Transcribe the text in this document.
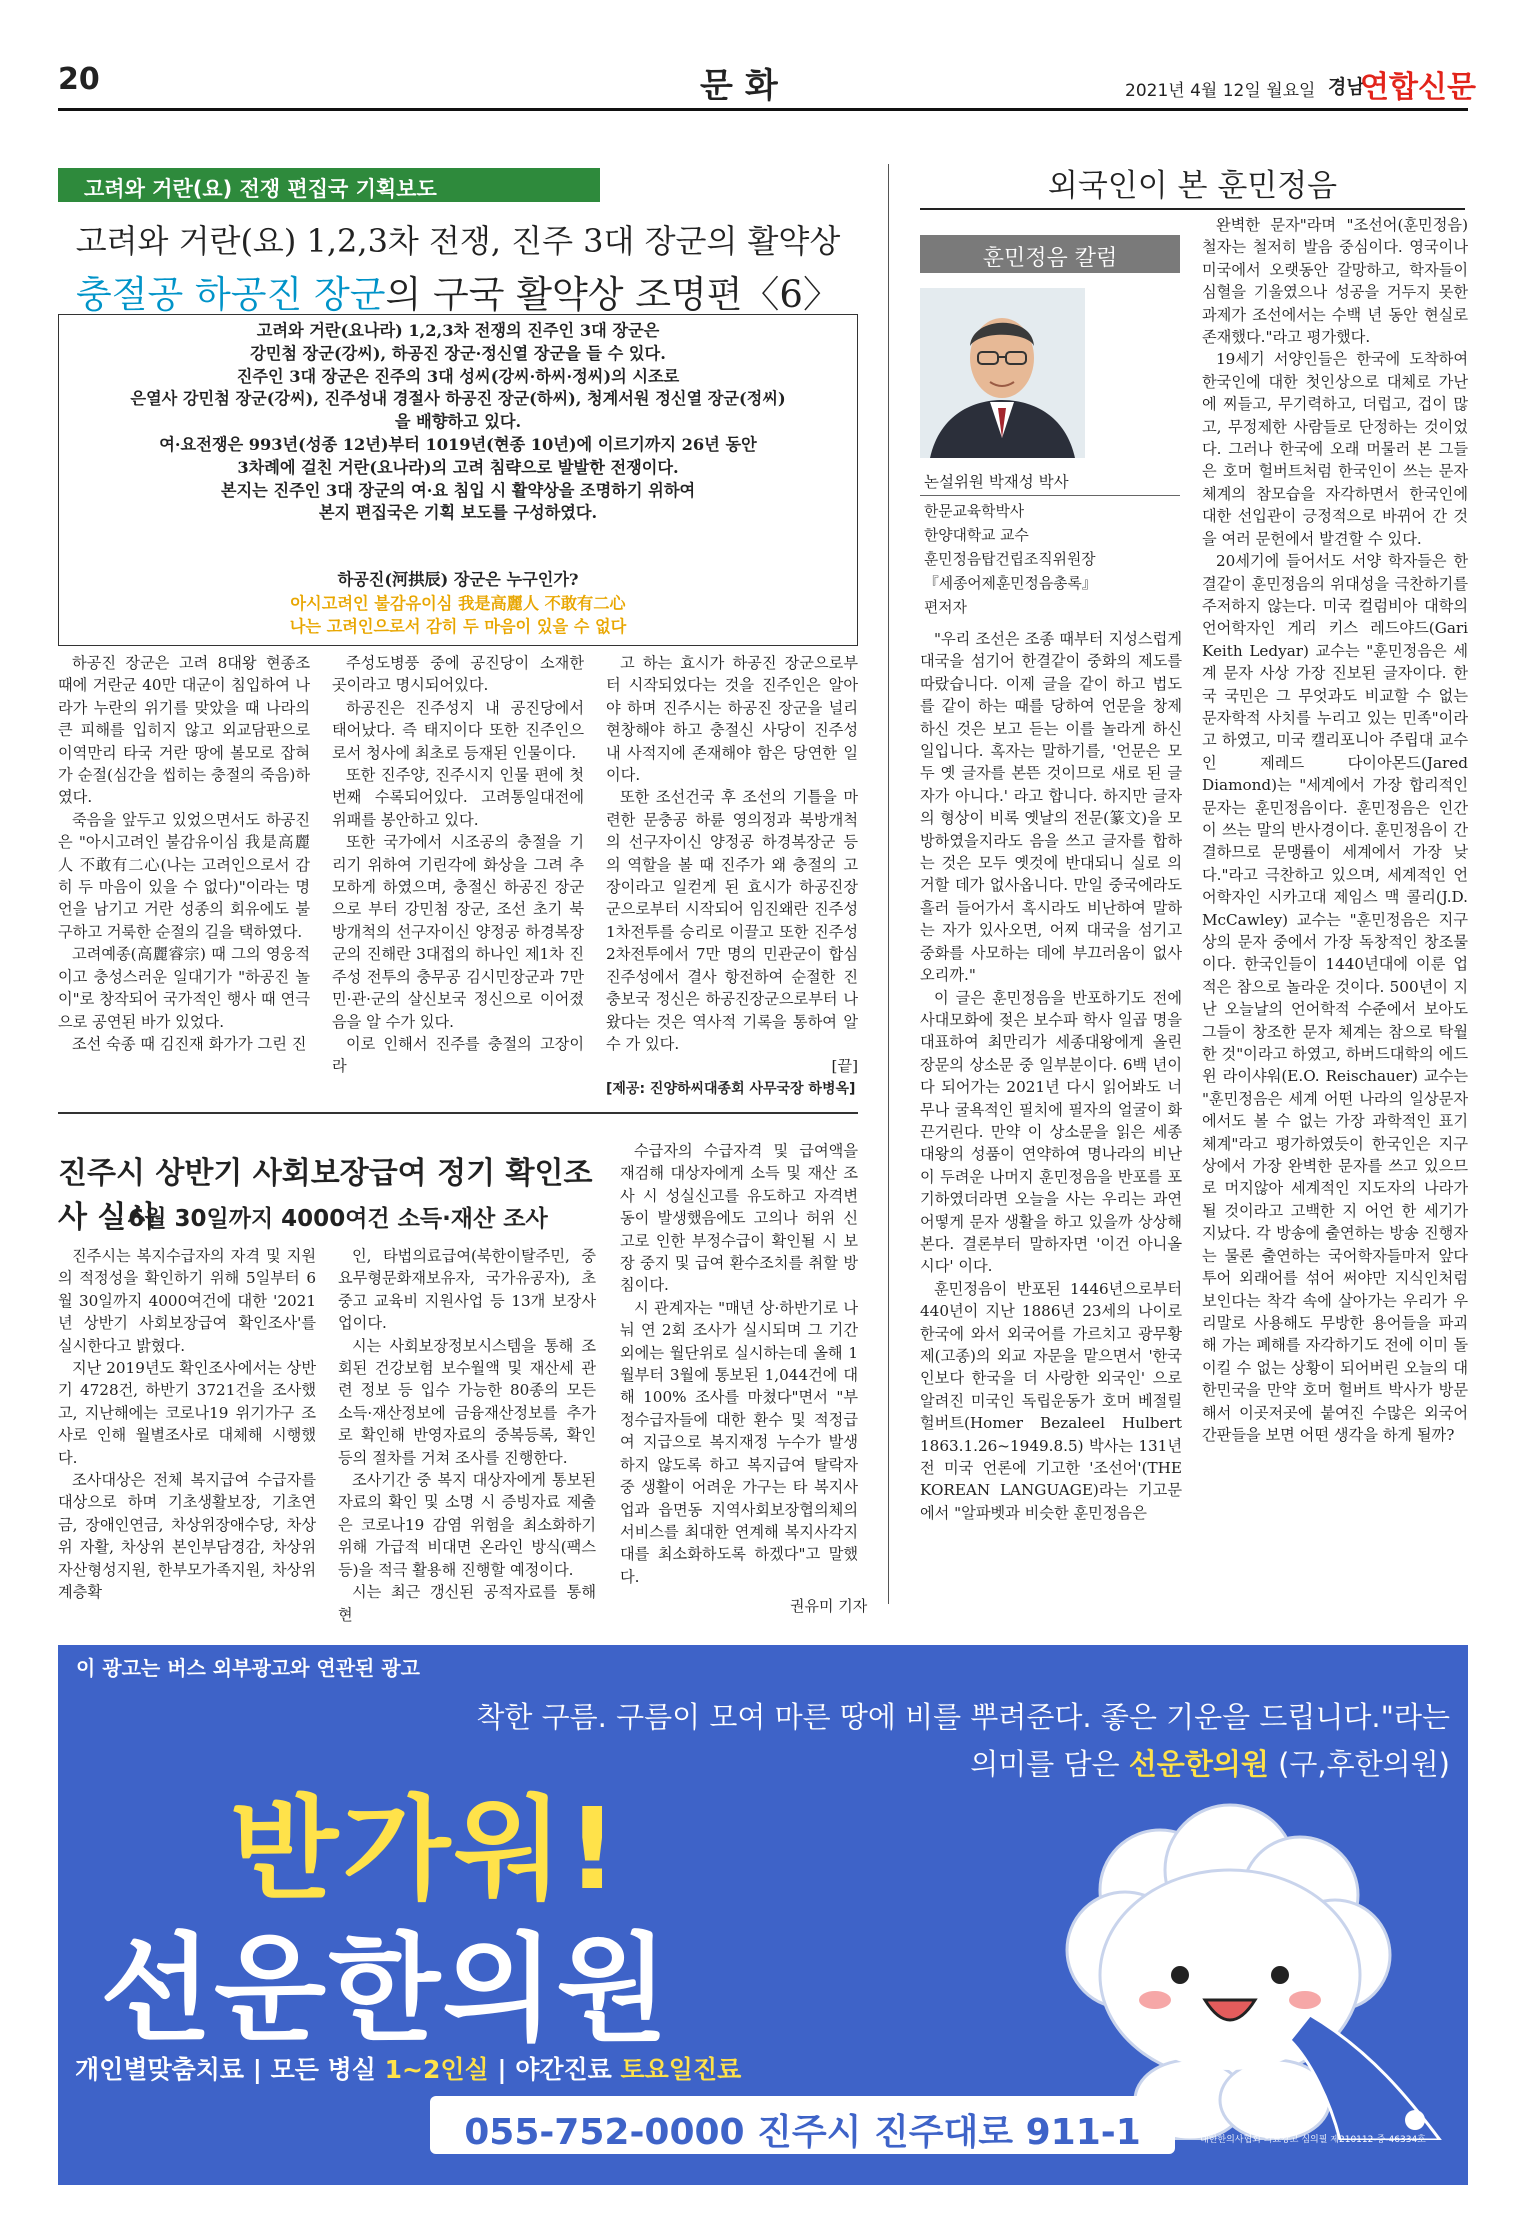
20	문화	2021년 4월 12일 월요일 경남
연합신문
고려와 거란(요) 전쟁 편집국 기획보도
고려와 거란(요) 1,2,3차 전쟁, 진주 3대 장군의 활약상
충절공 하공진 장군의 구국 활약상 조명편〈6〉

고려와 거란(요나라) 1,2,3차 전쟁의 진주인 3대 장군은

강민첨 장군(강씨), 하공진 장군·정신열 장군을 들 수 있다.

진주인 3대 장군은 진주의 3대 성씨(강씨·하씨·정씨)의 시조로

은열사 강민첨 장군(강씨), 진주성내 경절사 하공진 장군(하씨), 청계서원 정신열 장군(정씨)

을 배향하고 있다.

여·요전쟁은 993년(성종 12년)부터 1019년(현종 10년)에 이르기까지 26년 동안

3차례에 걸친 거란(요나라)의 고려 침략으로 발발한 전쟁이다.

본지는 진주인 3대 장군의 여·요 침입 시 활약상을 조명하기 위하여

본지 편집국은 기획 보도를 구성하였다.

하공진(河拱辰) 장군은 누구인가?
아시고려인 불감유이심 我是高麗人 不敢有二心
나는 고려인으로서 감히 두 마음이 있을 수 없다

하공진 장군은 고려 8대왕 현종조 때에 거란군 40만 대군이 침입하여 나라가 누란의 위기를 맞았을 때 나라의 큰 피해를 입히지 않고 외교담판으로 이역만리 타국 거란 땅에 볼모로 잡혀가 순절(심간을 씹히는 충절의 죽음)하였다.

죽음을 앞두고 있었으면서도 하공진은 "아시고려인 불감유이심 我是高麗人 不敢有二心(나는 고려인으로서 감히 두 마음이 있을 수 없다)"이라는 명언을 남기고 거란 성종의 회유에도 불구하고 거룩한 순절의 길을 택하였다.

고려예종(高麗睿宗) 때 그의 영웅적이고 충성스러운 일대기가 "하공진 놀이"로 창작되어 국가적인 행사 때 연극으로 공연된 바가 있었다.

조선 숙종 때 김진재 화가가 그린 진

주성도병풍 중에 공진당이 소재한 곳이라고 명시되어있다.

하공진은 진주성지 내 공진당에서 태어났다. 즉 태지이다 또한 진주인으로서 청사에 최초로 등재된 인물이다.

또한 진주양, 진주시지 인물 편에 첫 번째 수록되어있다. 고려통일대전에 위패를 봉안하고 있다.

또한 국가에서 시조공의 충절을 기리기 위하여 기린각에 화상을 그려 추모하게 하였으며, 충절신 하공진 장군으로 부터 강민첨 장군, 조선 초기 북방개척의 선구자이신 양정공 하경복장군의 진해란 3대접의 하나인 제1차 진주성 전투의 충무공 김시민장군과 7만 민·관·군의 살신보국 정신으로 이어졌음을 알 수가 있다.

이로 인해서 진주를 충절의 고장이라

고 하는 효시가 하공진 장군으로부터 시작되었다는 것을 진주인은 알아야 하며 진주시는 하공진 장군을 널리 현창해야 하고 충절신 사당이 진주성내 사적지에 존재해야 함은 당연한 일이다.

또한 조선건국 후 조선의 기틀을 마련한 문충공 하륜 영의정과 북방개척의 선구자이신 양정공 하경복장군 등의 역할을 볼 때 진주가 왜 충절의 고장이라고 일컫게 된 효시가 하공진장군으로부터 시작되어 임진왜란 진주성 1차전투를 승리로 이끌고 또한 진주성 2차전투에서 7만 명의 민관군이 합심 진주성에서 결사 항전하여 순절한 진충보국 정신은 하공진장군으로부터 나왔다는 것은 역사적 기록을 통하여 알 수 가 있다.

[끝]

[제공: 진양하씨대종회 사무국장 하병옥]

진주시 상반기 사회보장급여 정기 확인조사 실시
6월 30일까지 4000여건 소득·재산 조사

진주시는 복지수급자의 자격 및 지원의 적정성을 확인하기 위해 5일부터 6월 30일까지 4000여건에 대한 '2021년 상반기 사회보장급여 확인조사'를 실시한다고 밝혔다.

지난 2019년도 확인조사에서는 상반기 4728건, 하반기 3721건을 조사했고, 지난해에는 코로나19 위기가구 조사로 인해 월별조사로 대체해 시행했다.

조사대상은 전체 복지급여 수급자를 대상으로 하며 기초생활보장, 기초연금, 장애인연금, 차상위장애수당, 차상위 자활, 차상위 본인부담경감, 차상위 자산형성지원, 한부모가족지원, 차상위계층확

인, 타법의료급여(북한이탈주민, 중요무형문화재보유자, 국가유공자), 초중고 교육비 지원사업 등 13개 보장사업이다.

시는 사회보장정보시스템을 통해 조회된 건강보험 보수월액 및 재산세 관련 정보 등 입수 가능한 80종의 모든 소득·재산정보에 금융재산정보를 추가로 확인해 반영자료의 중복등록, 확인 등의 절차를 거쳐 조사를 진행한다.

조사기간 중 복지 대상자에게 통보된 자료의 확인 및 소명 시 증빙자료 제출은 코로나19 감염 위험을 최소화하기 위해 가급적 비대면 온라인 방식(팩스 등)을 적극 활용해 진행할 예정이다.

시는 최근 갱신된 공적자료를 통해 현

수급자의 수급자격 및 급여액을 재검해 대상자에게 소득 및 재산 조사 시 성실신고를 유도하고 자격변동이 발생했음에도 고의나 허위 신고로 인한 부정수급이 확인될 시 보장 중지 및 급여 환수조치를 취할 방침이다.

시 관계자는 "매년 상·하반기로 나눠 연 2회 조사가 실시되며 그 기간 외에는 월단위로 실시하는데 올해 1월부터 3월에 통보된 1,044건에 대해 100% 조사를 마쳤다"면서 "부정수급자들에 대한 환수 및 적정급여 지급으로 복지재정 누수가 발생하지 않도록 하고 복지급여 탈락자 중 생활이 어려운 가구는 타 복지사업과 읍면동 지역사회보장협의체의 서비스를 최대한 연계해 복지사각지대를 최소화하도록 하겠다"고 말했다.

권유미 기자
외국인이 본 훈민정음
훈민정음 칼럼
논설위원 박재성 박사
한문교육학박사
한양대학교 교수
훈민정음탑건립조직위원장
『세종어제훈민정음총록』
편저자

"우리 조선은 조종 때부터 지성스럽게 대국을 섬기어 한결같이 중화의 제도를 따랐습니다. 이제 글을 같이 하고 법도를 같이 하는 때를 당하여 언문을 창제하신 것은 보고 듣는 이를 놀라게 하신 일입니다. 혹자는 말하기를, '언문은 모두 옛 글자를 본뜬 것이므로 새로 된 글자가 아니다.' 라고 합니다. 하지만 글자의 형상이 비록 옛날의 전문(篆文)을 모방하였을지라도 음을 쓰고 글자를 합하는 것은 모두 옛것에 반대되니 실로 의거할 데가 없사옵니다. 만일 중국에라도 흘러 들어가서 혹시라도 비난하여 말하는 자가 있사오면, 어찌 대국을 섬기고 중화를 사모하는 데에 부끄러움이 없사오리까."

이 글은 훈민정음을 반포하기도 전에 사대모화에 젖은 보수파 학사 일곱 명을 대표하여 최만리가 세종대왕에게 올린 장문의 상소문 중 일부분이다. 6백 년이 다 되어가는 2021년 다시 읽어봐도 너무나 굴욕적인 필치에 필자의 얼굴이 화끈거린다. 만약 이 상소문을 읽은 세종대왕의 성품이 연약하여 명나라의 비난이 두려운 나머지 훈민정음을 반포를 포기하였더라면 오늘을 사는 우리는 과연 어떻게 문자 생활을 하고 있을까 상상해 본다. 결론부터 말하자면 '이건 아니올시다' 이다.

훈민정음이 반포된 1446년으로부터 440년이 지난 1886년 23세의 나이로 한국에 와서 외국어를 가르치고 광무황제(고종)의 외교 자문을 맡으면서 '한국인보다 한국을 더 사랑한 외국인' 으로 알려진 미국인 독립운동가 호머 베절릴 헐버트(Homer Bezaleel Hulbert 1863.1.26~1949.8.5) 박사는 131년 전 미국 언론에 기고한 '조선어'(THE KOREAN LANGUAGE)라는 기고문에서 "알파벳과 비슷한 훈민정음은

완벽한 문자"라며 "조선어(훈민정음) 철자는 철저히 발음 중심이다. 영국이나 미국에서 오랫동안 갈망하고, 학자들이 심혈을 기울였으나 성공을 거두지 못한 과제가 조선에서는 수백 년 동안 현실로 존재했다."라고 평가했다.

19세기 서양인들은 한국에 도착하여 한국인에 대한 첫인상으로 대체로 가난에 찌들고, 무기력하고, 더럽고, 겁이 많고, 무정제한 사람들로 단정하는 것이었다. 그러나 한국에 오래 머물러 본 그들은 호머 헐버트처럼 한국인이 쓰는 문자 체계의 참모습을 자각하면서 한국인에 대한 선입관이 긍정적으로 바뀌어 간 것을 여러 문헌에서 발견할 수 있다.

20세기에 들어서도 서양 학자들은 한결같이 훈민정음의 위대성을 극찬하기를 주저하지 않는다. 미국 컬럼비아 대학의 언어학자인 게리 키스 레드야드(Gari Keith Ledyar) 교수는 "훈민정음은 세계 문자 사상 가장 진보된 글자이다. 한국 국민은 그 무엇과도 비교할 수 없는 문자학적 사치를 누리고 있는 민족"이라고 하였고, 미국 캘리포니아 주립대 교수인 제레드 다이아몬드(Jared Diamond)는 "세계에서 가장 합리적인 문자는 훈민정음이다. 훈민정음은 인간이 쓰는 말의 반사경이다. 훈민정음이 간결하므로 문맹률이 세계에서 가장 낮다."라고 극찬하고 있으며, 세계적인 언어학자인 시카고대 제임스 맥 콜리(J.D. McCawley) 교수는 "훈민정음은 지구상의 문자 중에서 가장 독창적인 창조물이다. 한국인들이 1440년대에 이룬 업적은 참으로 놀라운 것이다. 500년이 지난 오늘날의 언어학적 수준에서 보아도 그들이 창조한 문자 체계는 참으로 탁월한 것"이라고 하였고, 하버드대학의 에드윈 라이샤워(E.O. Reischauer) 교수는 "훈민정음은 세계 어떤 나라의 일상문자에서도 볼 수 없는 가장 과학적인 표기 체계"라고 평가하였듯이 한국인은 지구상에서 가장 완벽한 문자를 쓰고 있으므로 머지않아 세계적인 지도자의 나라가 될 것이라고 고백한 지 어언 한 세기가 지났다. 각 방송에 출연하는 방송 진행자는 물론 출연하는 국어학자들마저 앞다투어 외래어를 섞어 써야만 지식인처럼 보인다는 착각 속에 살아가는 우리가 우리말로 사용해도 무방한 용어들을 파괴해 가는 폐해를 자각하기도 전에 이미 돌이킬 수 없는 상황이 되어버린 오늘의 대한민국을 만약 호머 헐버트 박사가 방문해서 이곳저곳에 붙여진 수많은 외국어 간판들을 보면 어떤 생각을 하게 될까?

이 광고는 버스 외부광고와 연관된 광고
착한 구름. 구름이 모여 마른 땅에 비를 뿌려준다. 좋은 기운을 드립니다."라는
의미를 담은 선운한의원 (구,후한의원)
반가워!
선운한의원
개인별맞춤치료 | 모든 병실 1~2인실 | 야간진료 토요일진료
055-752-0000 진주시 진주대로 911-1	대한한의사협회 의료광고 심의필 제210112-중-46334호
